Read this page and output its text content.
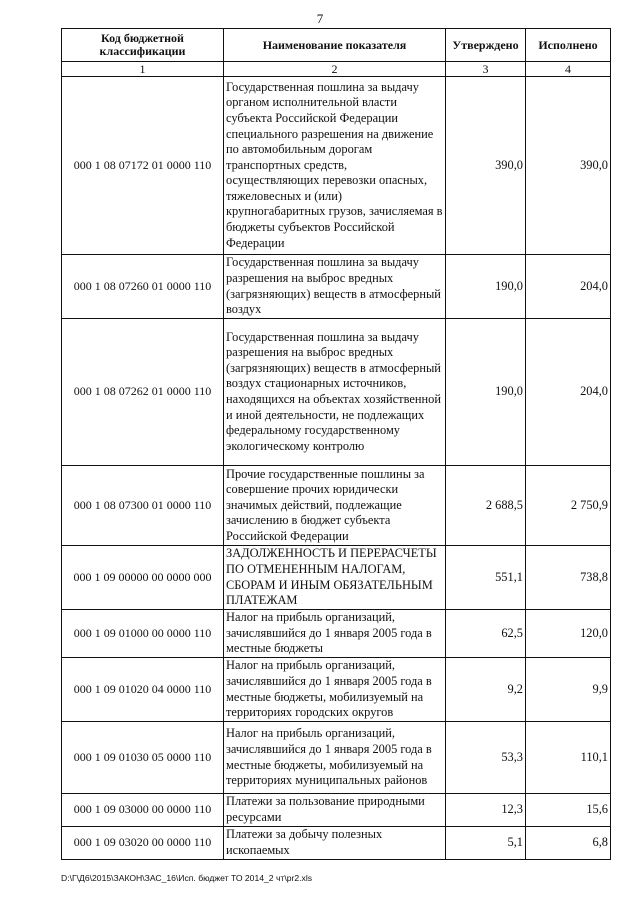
7
Код бюджетной классификации	Наименование показателя	Утверждено	Исполнено
1	2	3	4
000 1 08 07172 01 0000 110	Государственная пошлина за выдачу органом исполнительной власти субъекта Российской Федерации специального разрешения на движение по автомобильным дорогам транспортных средств, осуществляющих перевозки опасных, тяжеловесных и (или) крупногабаритных грузов, зачисляемая в бюджеты субъектов Российской Федерации	390,0	390,0
000 1 08 07260 01 0000 110	Государственная пошлина за выдачу разрешения на выброс вредных (загрязняющих) веществ в атмосферный воздух	190,0	204,0
000 1 08 07262 01 0000 110	Государственная пошлина за выдачу разрешения на выброс вредных (загрязняющих) веществ в атмосферный воздух стационарных источников, находящихся на объектах хозяйственной и иной деятельности, не подлежащих федеральному государственному экологическому контролю	190,0	204,0
000 1 08 07300 01 0000 110	Прочие государственные пошлины за совершение прочих юридически значимых действий, подлежащие зачислению в бюджет субъекта Российской Федерации	2 688,5	2 750,9
000 1 09 00000 00 0000 000	ЗАДОЛЖЕННОСТЬ И ПЕРЕРАСЧЕТЫ ПО ОТМЕНЕННЫМ НАЛОГАМ, СБОРАМ И ИНЫМ ОБЯЗАТЕЛЬНЫМ ПЛАТЕЖАМ	551,1	738,8
000 1 09 01000 00 0000 110	Налог на прибыль организаций, зачислявшийся до 1 января 2005 года в местные бюджеты	62,5	120,0
000 1 09 01020 04 0000 110	Налог на прибыль организаций, зачислявшийся до 1 января 2005 года в местные бюджеты, мобилизуемый на территориях городских округов	9,2	9,9
000 1 09 01030 05 0000 110	Налог на прибыль организаций, зачислявшийся до 1 января 2005 года в местные бюджеты, мобилизуемый на территориях муниципальных районов	53,3	110,1
000 1 09 03000 00 0000 110	Платежи за пользование природными ресурсами	12,3	15,6
000 1 09 03020 00 0000 110	Платежи за добычу полезных ископаемых	5,1	6,8
D:\Г\Д6\2015\ЗАКОН\ЗАС_16\Исп. бюджет ТО 2014_2 чт\pr2.xls
